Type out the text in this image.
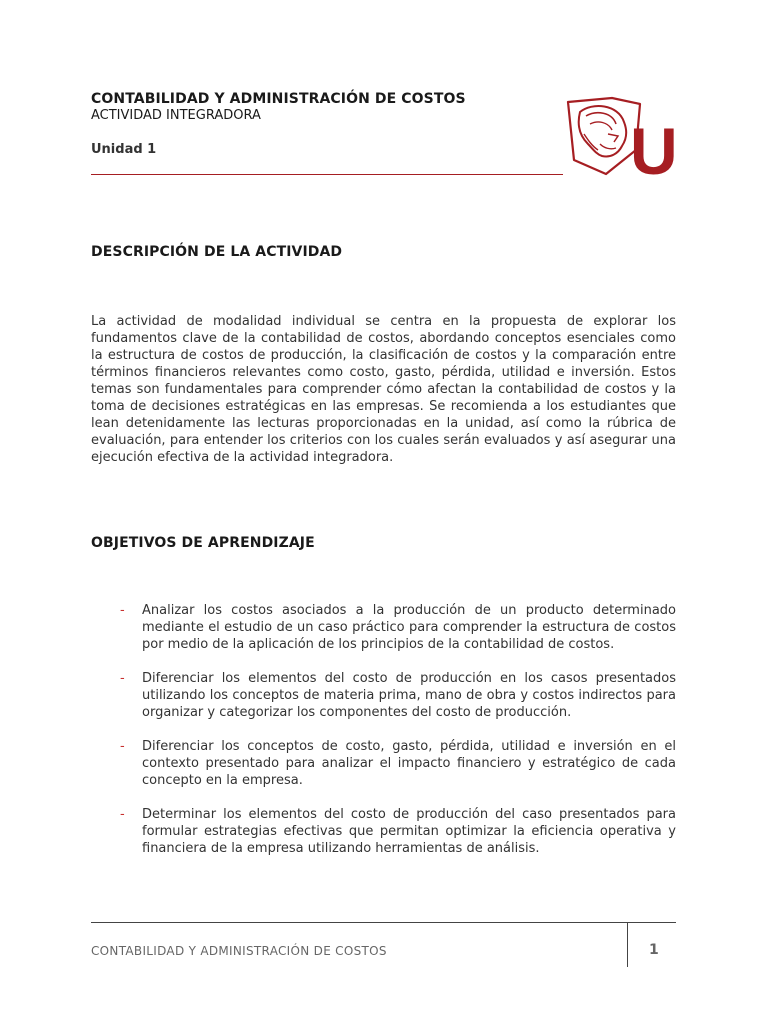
CONTABILIDAD Y ADMINISTRACIÓN DE COSTOS
ACTIVIDAD INTEGRADORA
Unidad 1	U
DESCRIPCIÓN DE LA ACTIVIDAD
La actividad de modalidad individual se centra en la propuesta de explorar los fundamentos clave de la contabilidad de costos, abordando conceptos esenciales como la estructura de costos de producción, la clasificación de costos y la comparación entre términos financieros relevantes como costo, gasto, pérdida, utilidad e inversión. Estos temas son fundamentales para comprender cómo afectan la contabilidad de costos y la toma de decisiones estratégicas en las empresas. Se recomienda a los estudiantes que lean detenidamente las lecturas proporcionadas en la unidad, así como la rúbrica de evaluación, para entender los criterios con los cuales serán evaluados y así asegurar una ejecución efectiva de la actividad integradora.
OBJETIVOS DE APRENDIZAJE
- Analizar los costos asociados a la producción de un producto determinado mediante el estudio de un caso práctico para comprender la estructura de costos por medio de la aplicación de los principios de la contabilidad de costos.
- Diferenciar los elementos del costo de producción en los casos presentados utilizando los conceptos de materia prima, mano de obra y costos indirectos para organizar y categorizar los componentes del costo de producción.
- Diferenciar los conceptos de costo, gasto, pérdida, utilidad e inversión en el contexto presentado para analizar el impacto financiero y estratégico de cada concepto en la empresa.
- Determinar los elementos del costo de producción del caso presentados para formular estrategias efectivas que permitan optimizar la eficiencia operativa y financiera de la empresa utilizando herramientas de análisis.
CONTABILIDAD Y ADMINISTRACIÓN DE COSTOS	1
